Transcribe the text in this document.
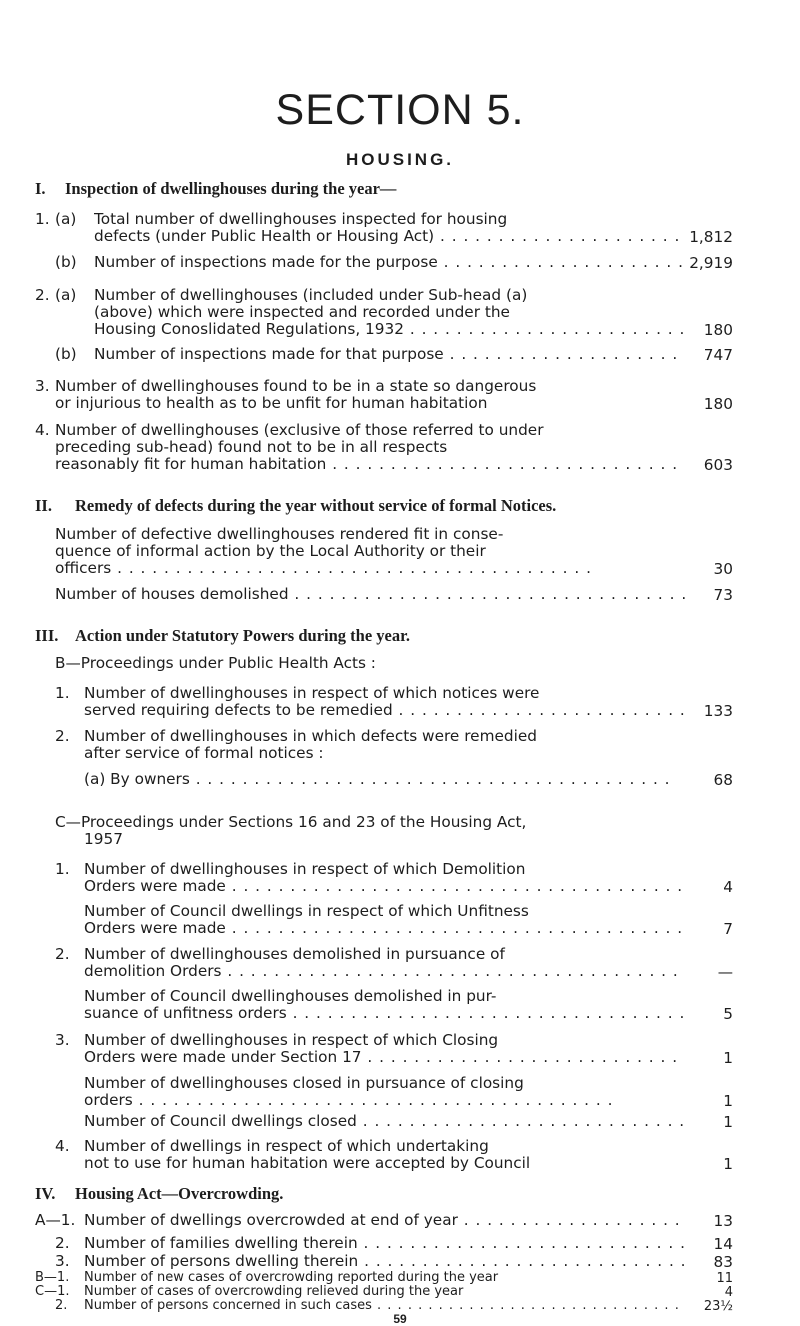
SECTION 5.
HOUSING.
I. Inspection of dwellinghouses during the year—
1. (a) Total number of dwellinghouses inspected for housing
defects (under Public Health or Housing Act) . . .	1,812
(b) Number of inspections made for the purpose . . .	2,919
2. (a) Number of dwellinghouses (included under Sub-head (a)
(above) which were inspected and recorded under the
Housing Conoslidated Regulations, 1932 . . .	180
(b) Number of inspections made for that purpose . . .	747
3. Number of dwellinghouses found to be in a state so dangerous
or injurious to health as to be unfit for human habitation	180
4. Number of dwellinghouses (exclusive of those referred to under
preceding sub-head) found not to be in all respects
reasonably fit for human habitation . . .	603
II. Remedy of defects during the year without service of formal Notices.
Number of defective dwellinghouses rendered fit in conse-
quence of informal action by the Local Authority or their
officers . . .	30
Number of houses demolished . . .	73
III. Action under Statutory Powers during the year.
B—Proceedings under Public Health Acts :
1. Number of dwellinghouses in respect of which notices were
served requiring defects to be remedied . . .	133
2. Number of dwellinghouses in which defects were remedied
after service of formal notices :
(a) By owners . . .	68
C—Proceedings under Sections 16 and 23 of the Housing Act,
1957
1. Number of dwellinghouses in respect of which Demolition
Orders were made . . .	4
Number of Council dwellings in respect of which Unfitness
Orders were made . . .	7
2. Number of dwellinghouses demolished in pursuance of
demolition Orders . . .	—
Number of Council dwellinghouses demolished in pur-
suance of unfitness orders . . .	5
3. Number of dwellinghouses in respect of which Closing
Orders were made under Section 17 . . .	1
Number of dwellinghouses closed in pursuance of closing
orders . . .	1
Number of Council dwellings closed . . .	1
4. Number of dwellings in respect of which undertaking
not to use for human habitation were accepted by Council	1
IV. Housing Act—Overcrowding.
A—1. Number of dwellings overcrowded at end of year . . .	13
2. Number of families dwelling therein . . .	14
3. Number of persons dwelling therein . . .	83
B—1. Number of new cases of overcrowding reported during the year	11
C—1. Number of cases of overcrowding relieved during the year	4
2. Number of persons concerned in such cases . . .	23½
59
